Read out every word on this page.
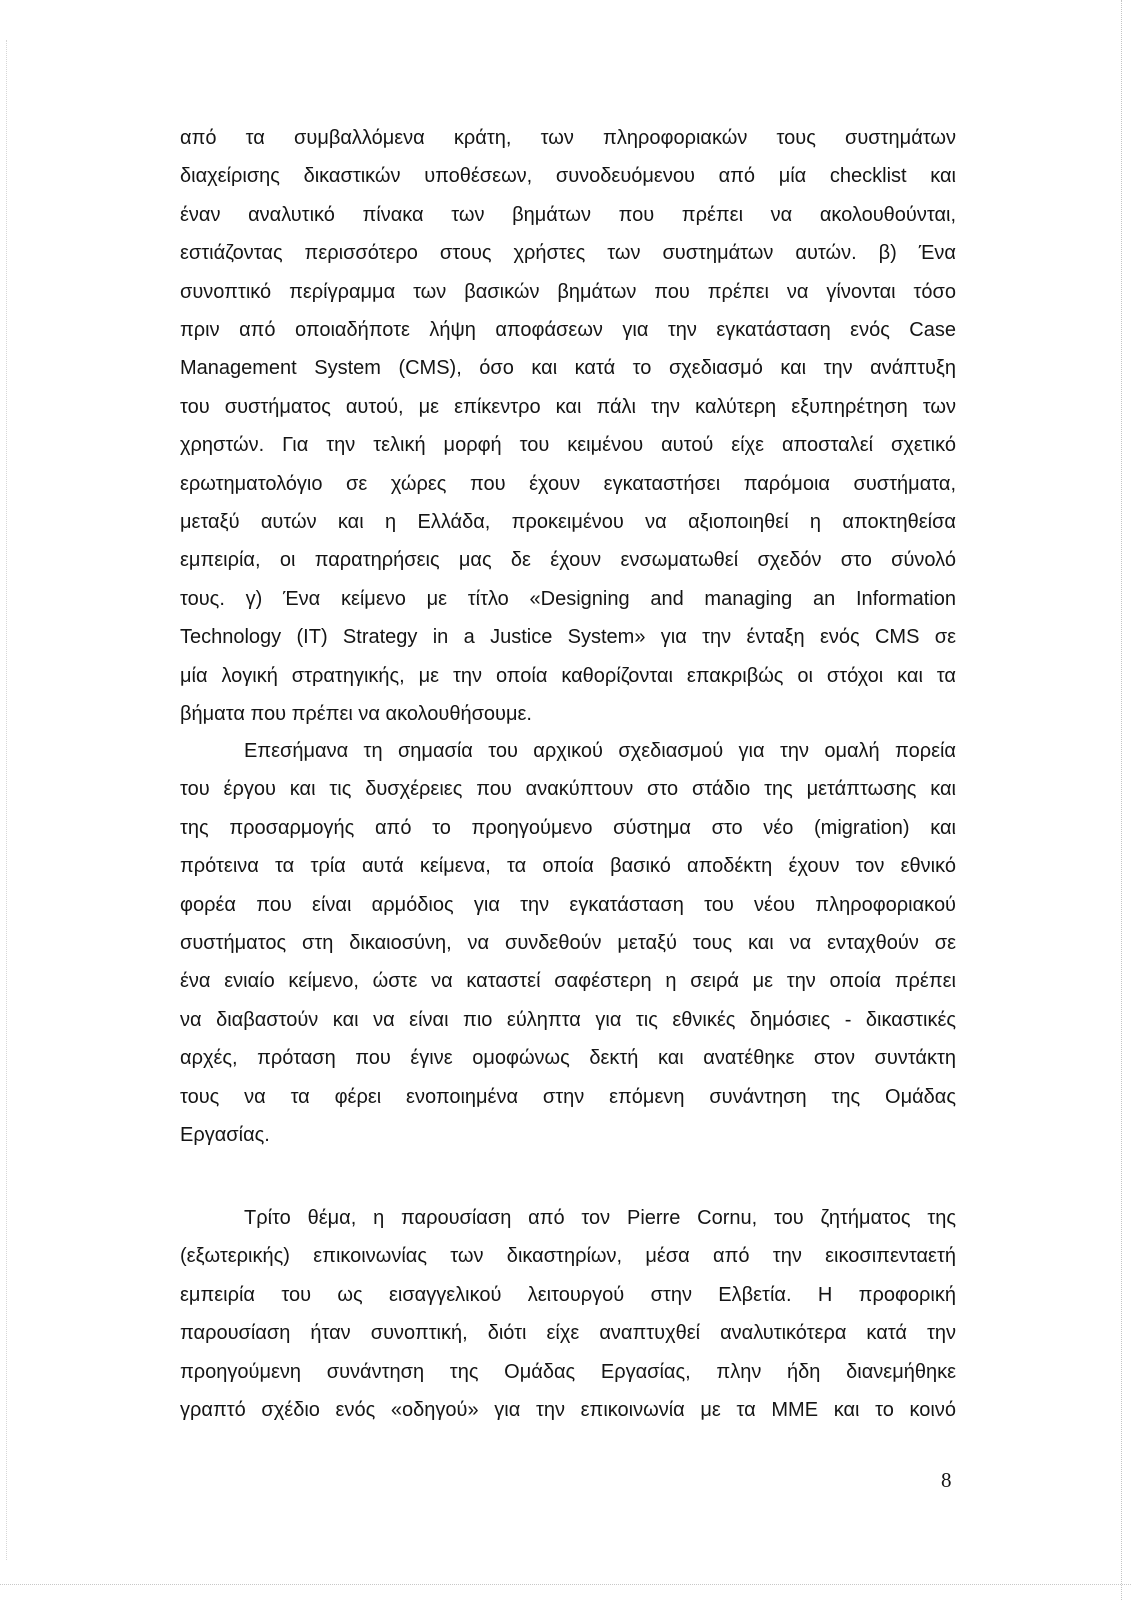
από τα συμβαλλόμενα κράτη, των πληροφοριακών τους συστημάτων
διαχείρισης δικαστικών υποθέσεων, συνοδευόμενου από μία checklist και
έναν αναλυτικό πίνακα των βημάτων που πρέπει να ακολουθούνται,
εστιάζοντας περισσότερο στους χρήστες των συστημάτων αυτών. β) Ένα
συνοπτικό περίγραμμα των βασικών βημάτων που πρέπει να γίνονται τόσο
πριν από οποιαδήποτε λήψη αποφάσεων για την εγκατάσταση ενός Case
Management System (CMS), όσο και κατά το σχεδιασμό και την ανάπτυξη
του συστήματος αυτού, με επίκεντρο και πάλι την καλύτερη εξυπηρέτηση των
χρηστών. Για την τελική μορφή του κειμένου αυτού είχε αποσταλεί σχετικό
ερωτηματολόγιο σε χώρες που έχουν εγκαταστήσει παρόμοια συστήματα,
μεταξύ αυτών και η Ελλάδα, προκειμένου να αξιοποιηθεί η αποκτηθείσα
εμπειρία, οι παρατηρήσεις μας δε έχουν ενσωματωθεί σχεδόν στο σύνολό
τους. γ) Ένα κείμενο με τίτλο «Designing and managing an Information
Technology (IT) Strategy in a Justice System» για την ένταξη ενός CMS σε
μία λογική στρατηγικής, με την οποία καθορίζονται επακριβώς οι στόχοι και τα
βήματα που πρέπει να ακολουθήσουμε.
Επεσήμανα τη σημασία του αρχικού σχεδιασμού για την ομαλή πορεία
του έργου και τις δυσχέρειες που ανακύπτουν στο στάδιο της μετάπτωσης και
της προσαρμογής από το προηγούμενο σύστημα στο νέο (migration) και
πρότεινα τα τρία αυτά κείμενα, τα οποία βασικό αποδέκτη έχουν τον εθνικό
φορέα που είναι αρμόδιος για την εγκατάσταση του νέου πληροφοριακού
συστήματος στη δικαιοσύνη, να συνδεθούν μεταξύ τους και να ενταχθούν σε
ένα ενιαίο κείμενο, ώστε να καταστεί σαφέστερη η σειρά με την οποία πρέπει
να διαβαστούν και να είναι πιο εύληπτα για τις εθνικές δημόσιες - δικαστικές
αρχές, πρόταση που έγινε ομοφώνως δεκτή και ανατέθηκε στον συντάκτη
τους να τα φέρει ενοποιημένα στην επόμενη συνάντηση της Ομάδας
Εργασίας.
Τρίτο θέμα, η παρουσίαση από τον Pierre Cornu, του ζητήματος της
(εξωτερικής) επικοινωνίας των δικαστηρίων, μέσα από την εικοσιπενταετή
εμπειρία του ως εισαγγελικού λειτουργού στην Ελβετία. Η προφορική
παρουσίαση ήταν συνοπτική, διότι είχε αναπτυχθεί αναλυτικότερα κατά την
προηγούμενη συνάντηση της Ομάδας Εργασίας, πλην ήδη διανεμήθηκε
γραπτό σχέδιο ενός «οδηγού» για την επικοινωνία με τα ΜΜΕ και το κοινό
8
